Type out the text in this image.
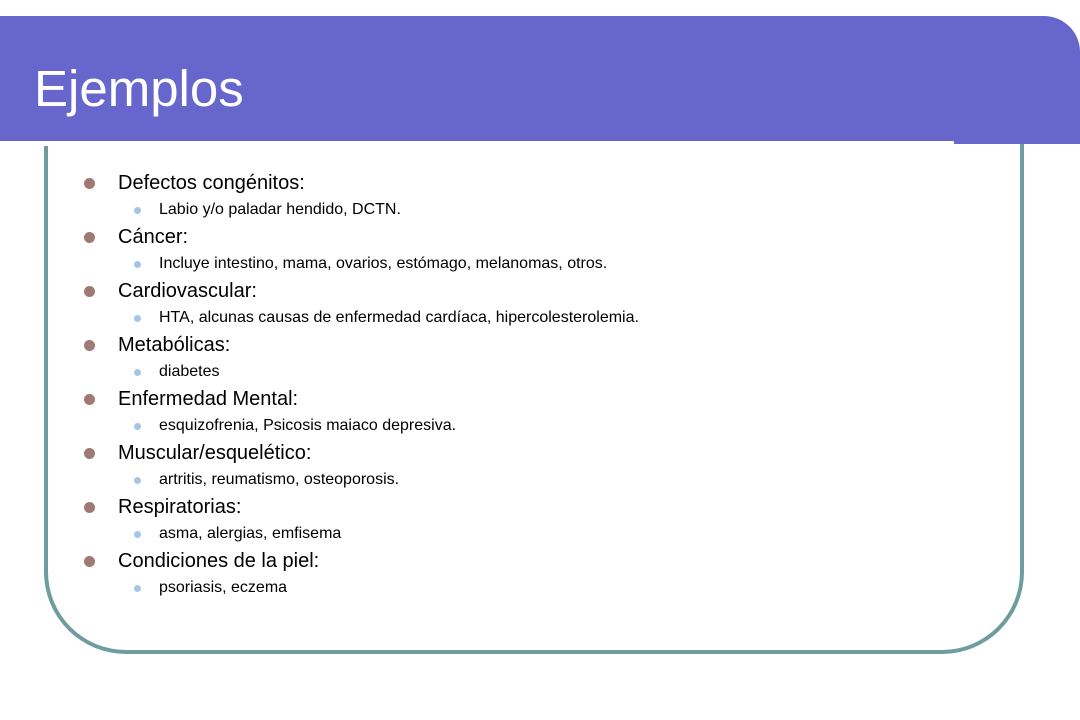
Ejemplos
Defectos congénitos:
Labio y/o paladar hendido, DCTN.
Cáncer:
Incluye intestino, mama, ovarios, estómago, melanomas, otros.
Cardiovascular:
HTA, alcunas causas de enfermedad cardíaca, hipercolesterolemia.
Metabólicas:
diabetes
Enfermedad Mental:
esquizofrenia, Psicosis maiaco depresiva.
Muscular/esquelético:
artritis, reumatismo, osteoporosis.
Respiratorias:
asma, alergias, emfisema
Condiciones de la piel:
psoriasis, eczema
